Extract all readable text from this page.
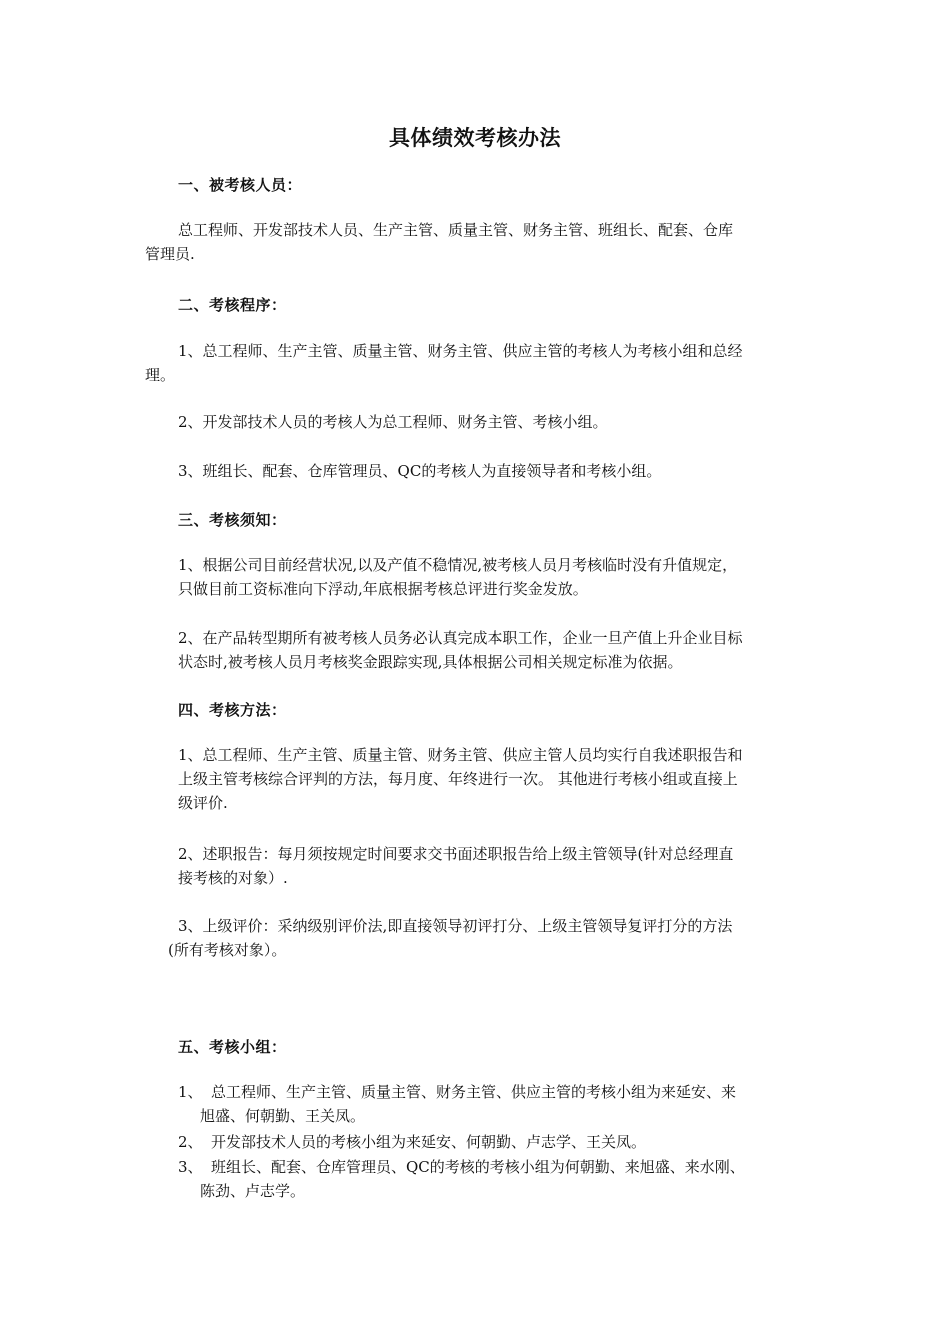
具体绩效考核办法
一、被考核人员：
总工程师、开发部技术人员、生产主管、质量主管、财务主管、班组长、配套、仓库
管理员.
二、考核程序：
1、总工程师、生产主管、质量主管、财务主管、供应主管的考核人为考核小组和总经
理。
2、开发部技术人员的考核人为总工程师、财务主管、考核小组。
3、班组长、配套、仓库管理员、QC的考核人为直接领导者和考核小组。
三、考核须知：
1、根据公司目前经营状况,以及产值不稳情况,被考核人员月考核临时没有升值规定，
只做目前工资标准向下浮动,年底根据考核总评进行奖金发放。
2、在产品转型期所有被考核人员务必认真完成本职工作，企业一旦产值上升企业目标
状态时,被考核人员月考核奖金跟踪实现,具体根据公司相关规定标准为依据。
四、考核方法：
1、总工程师、生产主管、质量主管、财务主管、供应主管人员均实行自我述职报告和
上级主管考核综合评判的方法，每月度、年终进行一次。 其他进行考核小组或直接上
级评价.
2、述职报告：每月须按规定时间要求交书面述职报告给上级主管领导(针对总经理直
接考核的对象）.
3、上级评价：采纳级别评价法,即直接领导初评打分、上级主管领导复评打分的方法
(所有考核对象）。
五、考核小组：
1、 总工程师、生产主管、质量主管、财务主管、供应主管的考核小组为来延安、来
旭盛、何朝勤、王关凤。
2、 开发部技术人员的考核小组为来延安、何朝勤、卢志学、王关凤。
3、 班组长、配套、仓库管理员、QC的考核的考核小组为何朝勤、来旭盛、来水刚、
陈劲、卢志学。
